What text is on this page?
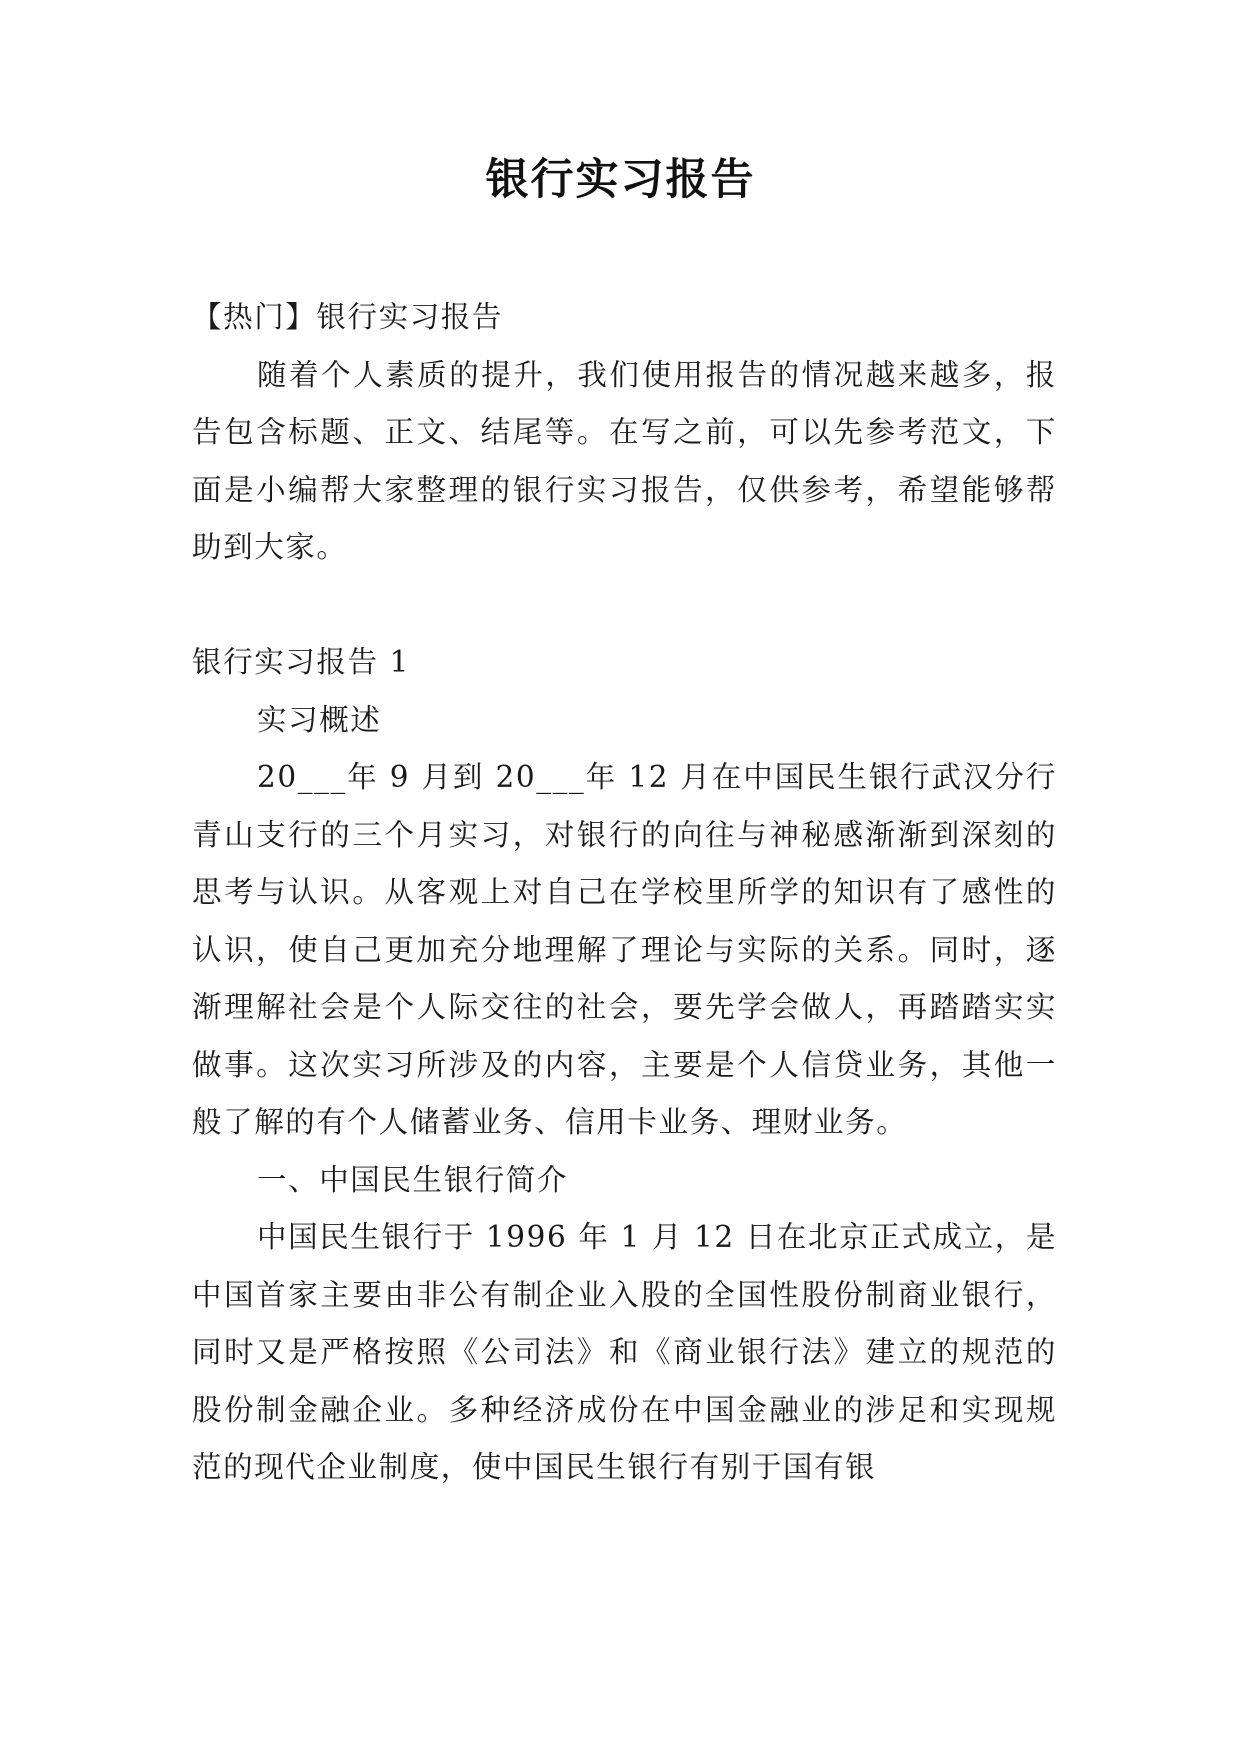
银行实习报告

【热门】银行实习报告

随着个人素质的提升，我们使用报告的情况越来越多，报告包含标题、正文、结尾等。在写之前，可以先参考范文，下面是小编帮大家整理的银行实习报告，仅供参考，希望能够帮助到大家。

银行实习报告 1

实习概述

20___年 9 月到 20___年 12 月在中国民生银行武汉分行青山支行的三个月实习，对银行的向往与神秘感渐渐到深刻的思考与认识。从客观上对自己在学校里所学的知识有了感性的认识，使自己更加充分地理解了理论与实际的关系。同时，逐渐理解社会是个人际交往的社会，要先学会做人，再踏踏实实做事。这次实习所涉及的内容，主要是个人信贷业务，其他一般了解的有个人储蓄业务、信用卡业务、理财业务。

一、中国民生银行简介

中国民生银行于 1996 年 1 月 12 日在北京正式成立，是中国首家主要由非公有制企业入股的全国性股份制商业银行，同时又是严格按照《公司法》和《商业银行法》建立的规范的股份制金融企业。多种经济成份在中国金融业的涉足和实现规范的现代企业制度，使中国民生银行有别于国有银
